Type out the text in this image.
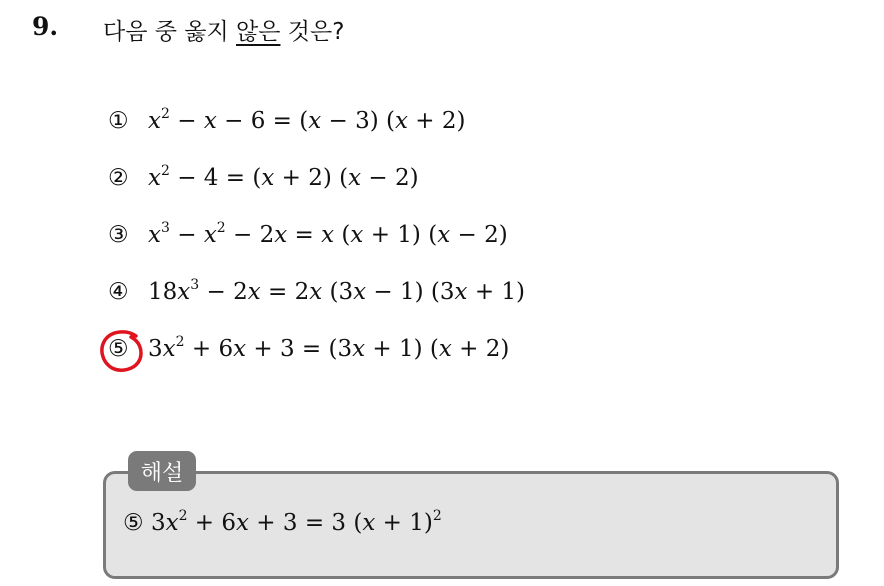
9. 다음 중 옳지 않은 것은?
① $x^2 - x - 6 = (x - 3) (x + 2)$
② $x^2 - 4 = (x + 2) (x - 2)$
③ $x^3 - x^2 - 2x = x$ (x + 1) (x − 2)
④ $18x^3 - 2x = 2x$ (3x − 1) (3x + 1)
⑤ $3x^2 + 6x + 3 = (3x + 1) (x + 2)$
해설
⑤ $3x^2 + 6x + 3 = 3$ $(x + 1)^2$
